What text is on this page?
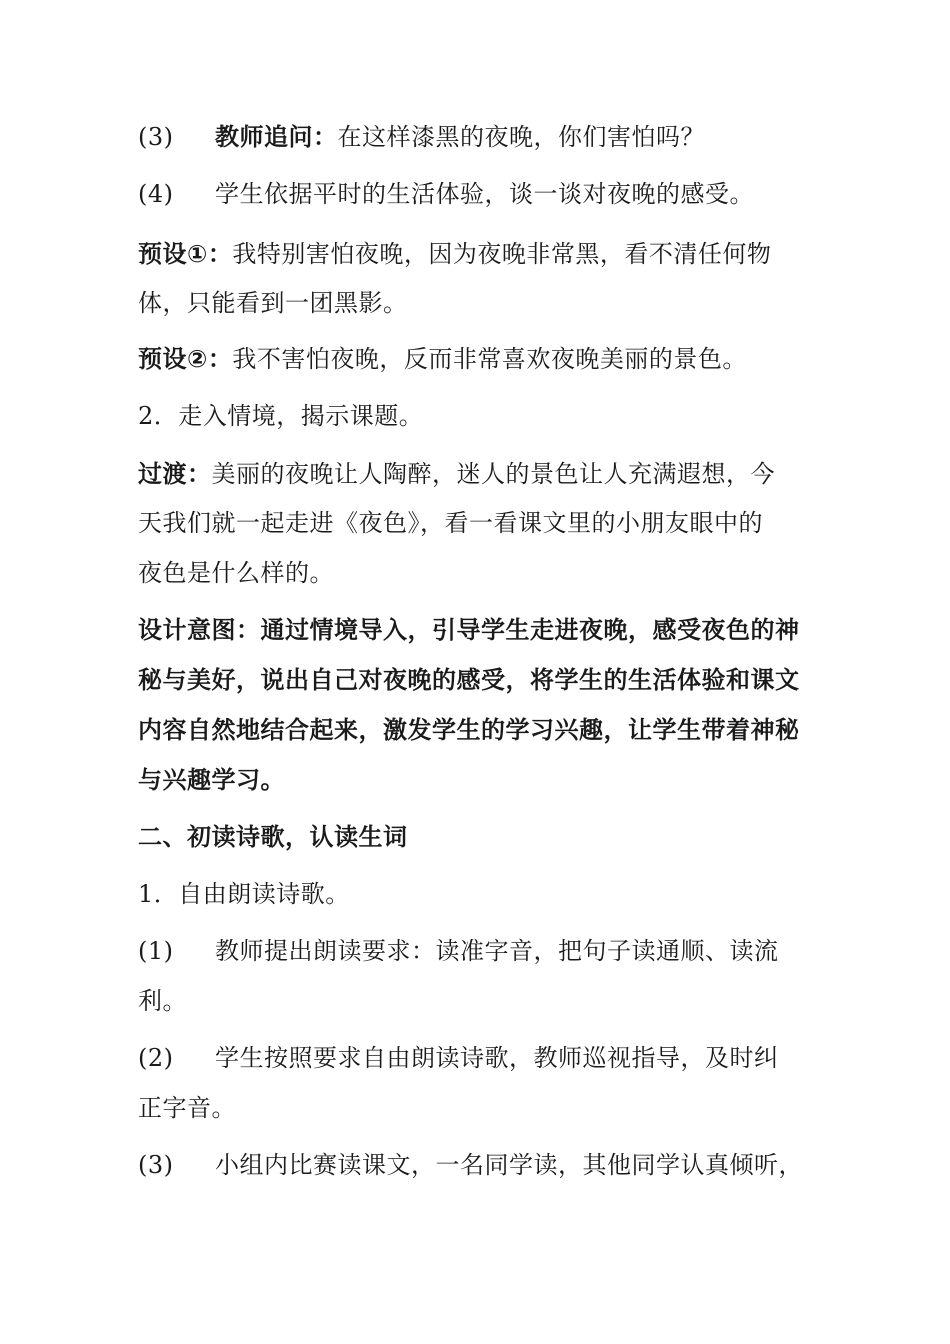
(3) 教师追问：在这样漆黑的夜晚，你们害怕吗？
(4) 学生依据平时的生活体验，谈一谈对夜晚的感受。
预设①：我特别害怕夜晚，因为夜晚非常黑，看不清任何物
体，只能看到一团黑影。
预设②：我不害怕夜晚，反而非常喜欢夜晚美丽的景色。
2．走入情境，揭示课题。
过渡：美丽的夜晚让人陶醉，迷人的景色让人充满遐想，今
天我们就一起走进《夜色》，看一看课文里的小朋友眼中的
夜色是什么样的。
设计意图：通过情境导入，引导学生走进夜晚，感受夜色的神
秘与美好，说出自己对夜晚的感受，将学生的生活体验和课文
内容自然地结合起来，激发学生的学习兴趣，让学生带着神秘
与兴趣学习。
二、初读诗歌，认读生词
1．自由朗读诗歌。
(1) 教师提出朗读要求：读准字音，把句子读通顺、读流
利。
(2) 学生按照要求自由朗读诗歌，教师巡视指导，及时纠
正字音。
(3) 小组内比赛读课文，一名同学读，其他同学认真倾听，
